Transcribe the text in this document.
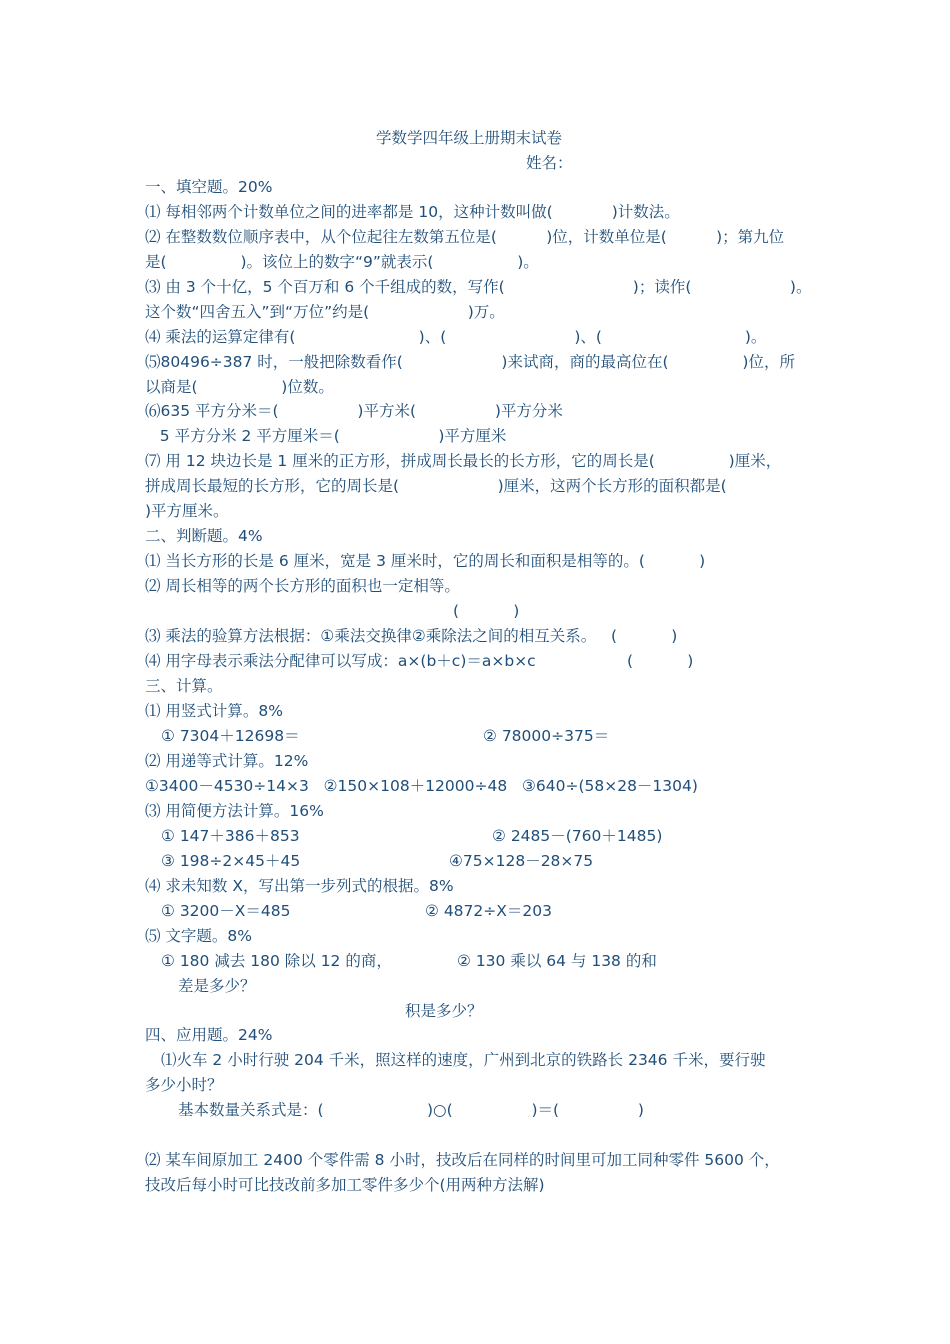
学数学四年级上册期末试卷
姓名：
一、填空题。20%
⑴ 每相邻两个计数单位之间的进率都是 10，这种计数叫做(            )计数法。
⑵ 在整数数位顺序表中，从个位起往左数第五位是(          )位，计数单位是(          )；第九位
是(               )。该位上的数字“9”就表示(                 )。
⑶ 由 3 个十亿，5 个百万和 6 个千组成的数，写作(                          )；读作(                    )。
这个数“四舍五入”到“万位”约是(                    )万。
⑷ 乘法的运算定律有(                         )、(                          )、(                             )。
⑸80496÷387 时，一般把除数看作(                    )来试商，商的最高位在(               )位，所
以商是(                 )位数。
⑹635 平方分米＝(                )平方米(                )平方分米
5 平方分米 2 平方厘米＝(                    )平方厘米
⑺ 用 12 块边长是 1 厘米的正方形，拼成周长最长的长方形，它的周长是(               )厘米，
拼成周长最短的长方形，它的周长是(                    )厘米，这两个长方形的面积都是(
)平方厘米。
二、判断题。4%
⑴ 当长方形的长是 6 厘米，宽是 3 厘米时，它的周长和面积是相等的。(           )
⑵ 周长相等的两个长方形的面积也一定相等。
(           )
⑶ 乘法的验算方法根据：①乘法交换律②乘除法之间的相互关系。   (           )
⑷ 用字母表示乘法分配律可以写成：a×(b＋c)＝a×b×c	(           )
三、计算。
⑴ 用竖式计算。8%
① 7304＋12698＝	② 78000÷375＝
⑵ 用递等式计算。12%
①3400－4530÷14×3   ②150×108＋12000÷48   ③640÷(58×28－1304)
⑶ 用简便方法计算。16%
① 147＋386＋853	② 2485－(760＋1485)
③ 198÷2×45＋45	④75×128－28×75
⑷ 求未知数 X，写出第一步列式的根据。8%
① 3200－X＝485	② 4872÷X＝203
⑸ 文字题。8%
① 180 减去 180 除以 12 的商，	② 130 乘以 64 与 138 的和
差是多少？
积是多少？
四、应用题。24%
⑴火车 2 小时行驶 204 千米，照这样的速度，广州到北京的铁路长 2346 千米，要行驶
多少小时？
基本数量关系式是：(                     )○(                )＝(                )
⑵ 某车间原加工 2400 个零件需 8 小时，技改后在同样的时间里可加工同种零件 5600 个，
技改后每小时可比技改前多加工零件多少个(用两种方法解)
